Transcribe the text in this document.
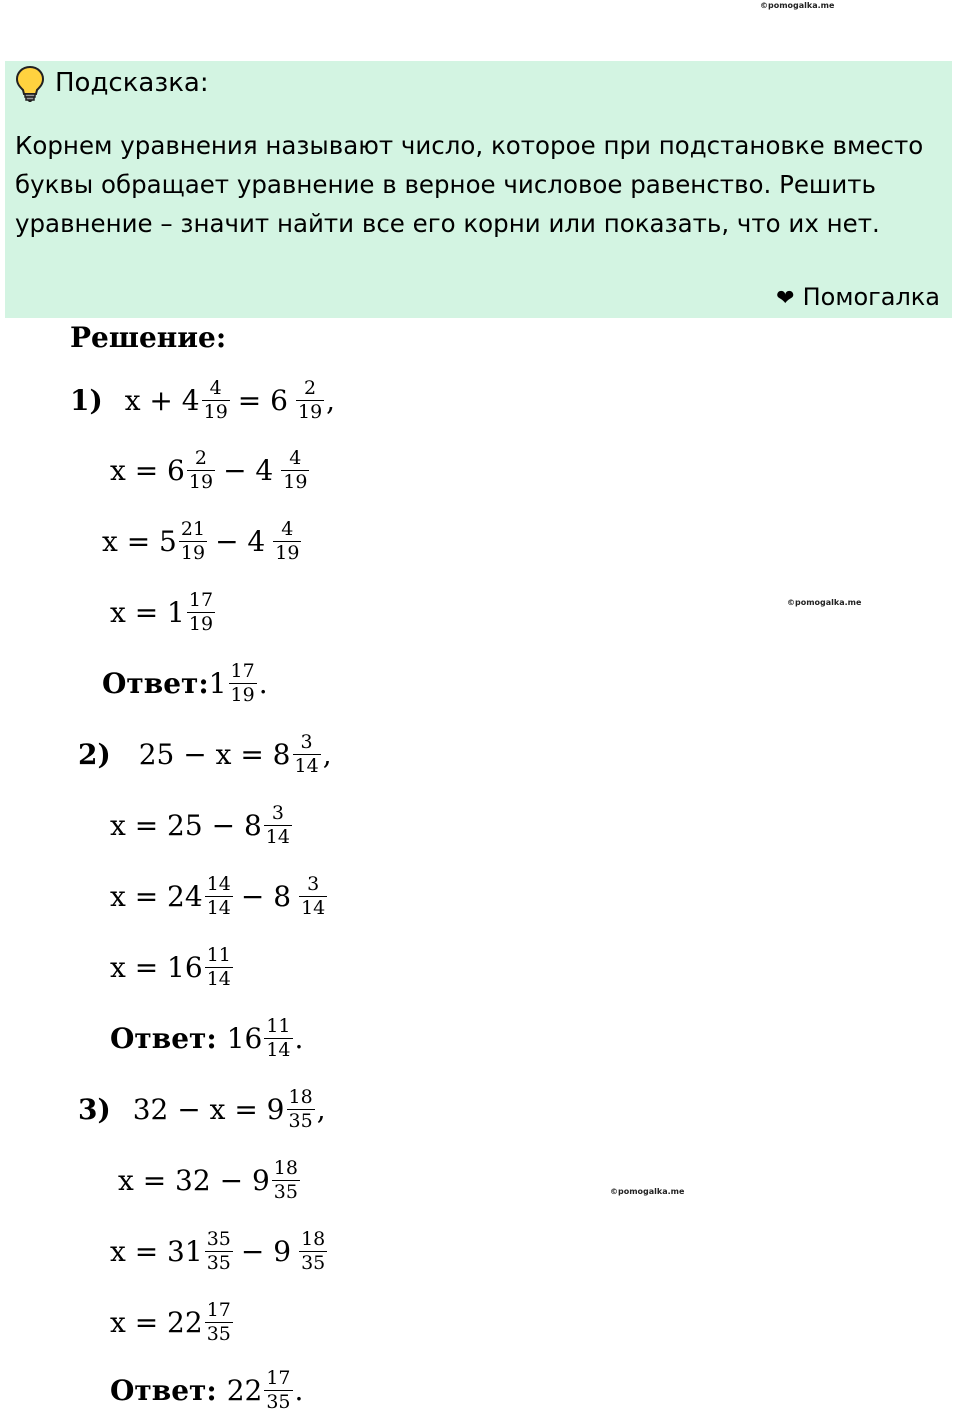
©pomogalka.me
©pomogalka.me
©pomogalka.me
Подсказка:
Корнем уравнения называют число, которое при подстановке вместо буквы обращает уравнение в верное числовое равенство. Решить уравнение – значит найти все его корни или показать, что их нет.
❤ Помогалка
Решение:
1) $x + 4 \frac{4}{19} = 6 \frac{2}{19}$ ,
$x = 6 \frac{2}{19} - 4 \frac{4}{19}$
$x = 5 \frac{21}{19} - 4 \frac{4}{19}$
$x = 1 \frac{17}{19}$
Ответ: $1 \frac{17}{19}$ .
2) $25 - x = 8 \frac{3}{14}$ ,
$x = 25 - 8 \frac{3}{14}$
$x = 24 \frac{14}{14} - 8 \frac{3}{14}$
$x = 16 \frac{11}{14}$
Ответ: $16 \frac{11}{14}$ .
3) $32 - x = 9 \frac{18}{35}$ ,
$x = 32 - 9 \frac{18}{35}$
$x = 31 \frac{35}{35} - 9 \frac{18}{35}$
$x = 22 \frac{17}{35}$
Ответ: $22 \frac{17}{35}$ .
